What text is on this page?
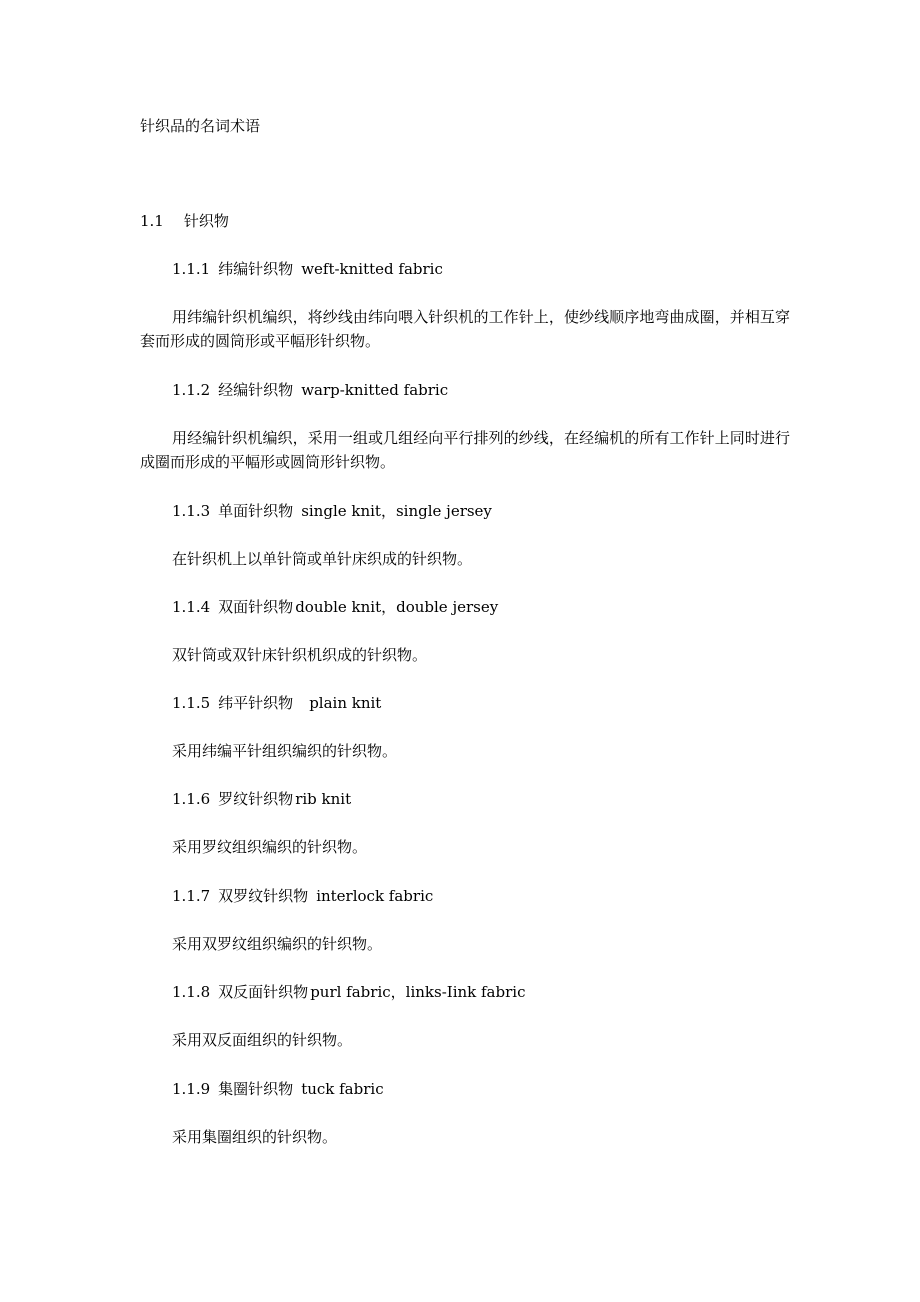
针织品的名词术语
1.1 针织物
1.1.1 纬编针织物 weft-knitted fabric
用纬编针织机编织，将纱线由纬向喂入针织机的工作针上，使纱线顺序地弯曲成圈，并相互穿套而形成的圆筒形或平幅形针织物。
1.1.2 经编针织物 warp-knitted fabric
用经编针织机编织，采用一组或几组经向平行排列的纱线，在经编机的所有工作针上同时进行成圈而形成的平幅形或圆筒形针织物。
1.1.3 单面针织物 single knit，single jersey
在针织机上以单针筒或单针床织成的针织物。
1.1.4 双面针织物 double knit，double jersey
双针筒或双针床针织机织成的针织物。
1.1.5 纬平针织物 plain knit
采用纬编平针组织编织的针织物。
1.1.6 罗纹针织物 rib knit
采用罗纹组织编织的针织物。
1.1.7 双罗纹针织物 interlock fabric
采用双罗纹组织编织的针织物。
1.1.8 双反面针织物 purl fabric，links-Iink fabric
采用双反面组织的针织物。
1.1.9 集圈针织物 tuck fabric
采用集圈组织的针织物。
